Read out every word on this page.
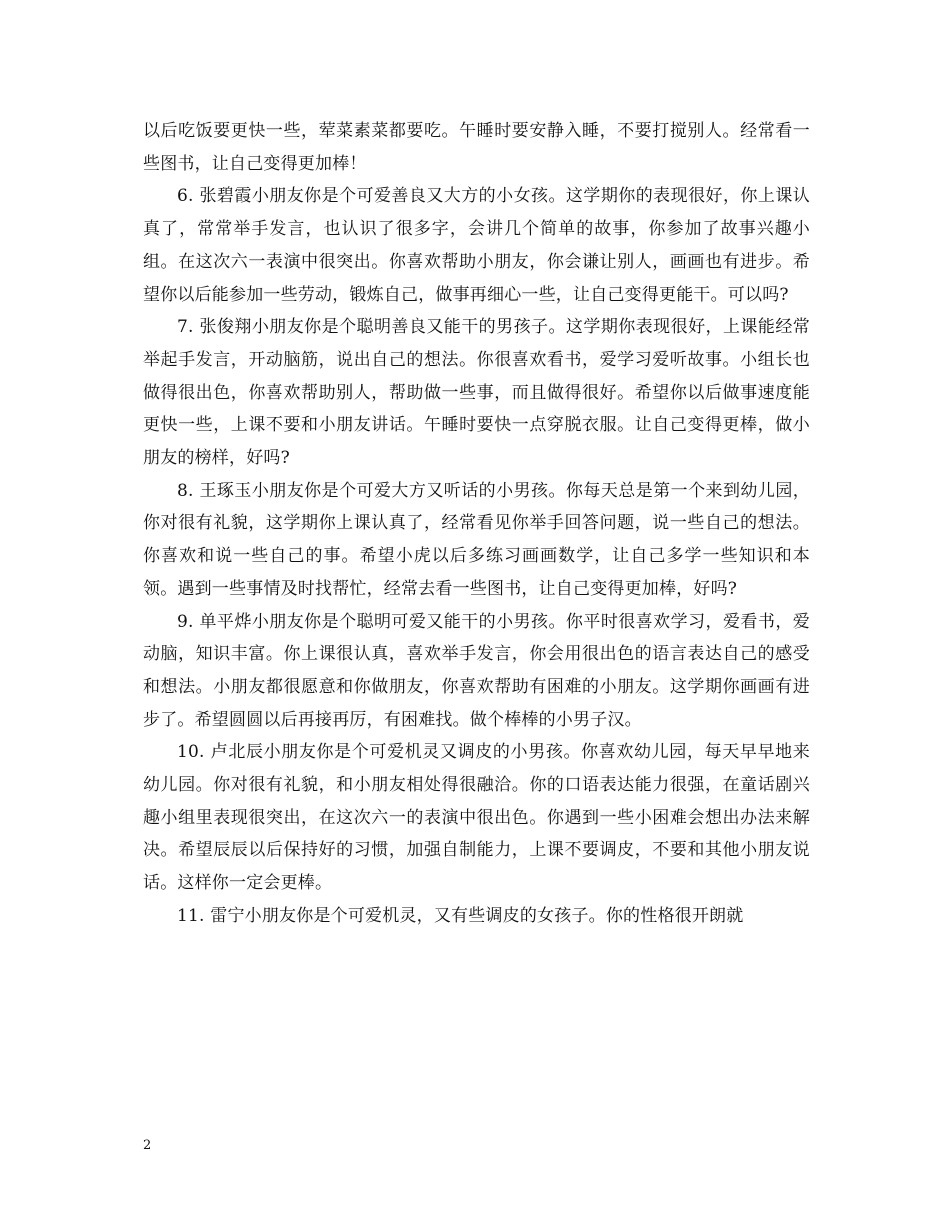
以后吃饭要更快一些，荤菜素菜都要吃。午睡时要安静入睡，不要打搅别人。经常看一些图书，让自己变得更加棒！

6. 张碧霞小朋友你是个可爱善良又大方的小女孩。这学期你的表现很好，你上课认真了，常常举手发言，也认识了很多字，会讲几个简单的故事，你参加了故事兴趣小组。在这次六一表演中很突出。你喜欢帮助小朋友，你会谦让别人，画画也有进步。希望你以后能参加一些劳动，锻炼自己，做事再细心一些，让自己变得更能干。可以吗?

7. 张俊翔小朋友你是个聪明善良又能干的男孩子。这学期你表现很好，上课能经常举起手发言，开动脑筋，说出自己的想法。你很喜欢看书，爱学习爱听故事。小组长也做得很出色，你喜欢帮助别人，帮助做一些事，而且做得很好。希望你以后做事速度能更快一些，上课不要和小朋友讲话。午睡时要快一点穿脱衣服。让自己变得更棒，做小朋友的榜样，好吗?

8. 王琢玉小朋友你是个可爱大方又听话的小男孩。你每天总是第一个来到幼儿园，你对很有礼貌，这学期你上课认真了，经常看见你举手回答问题，说一些自己的想法。你喜欢和说一些自己的事。希望小虎以后多练习画画数学，让自己多学一些知识和本领。遇到一些事情及时找帮忙，经常去看一些图书，让自己变得更加棒，好吗?

9. 单平烨小朋友你是个聪明可爱又能干的小男孩。你平时很喜欢学习，爱看书，爱动脑，知识丰富。你上课很认真，喜欢举手发言，你会用很出色的语言表达自己的感受和想法。小朋友都很愿意和你做朋友，你喜欢帮助有困难的小朋友。这学期你画画有进步了。希望圆圆以后再接再厉，有困难找。做个棒棒的小男子汉。

10. 卢北辰小朋友你是个可爱机灵又调皮的小男孩。你喜欢幼儿园，每天早早地来幼儿园。你对很有礼貌，和小朋友相处得很融洽。你的口语表达能力很强，在童话剧兴趣小组里表现很突出，在这次六一的表演中很出色。你遇到一些小困难会想出办法来解决。希望辰辰以后保持好的习惯，加强自制能力，上课不要调皮，不要和其他小朋友说话。这样你一定会更棒。

11. 雷宁小朋友你是个可爱机灵，又有些调皮的女孩子。你的性格很开朗就

2
